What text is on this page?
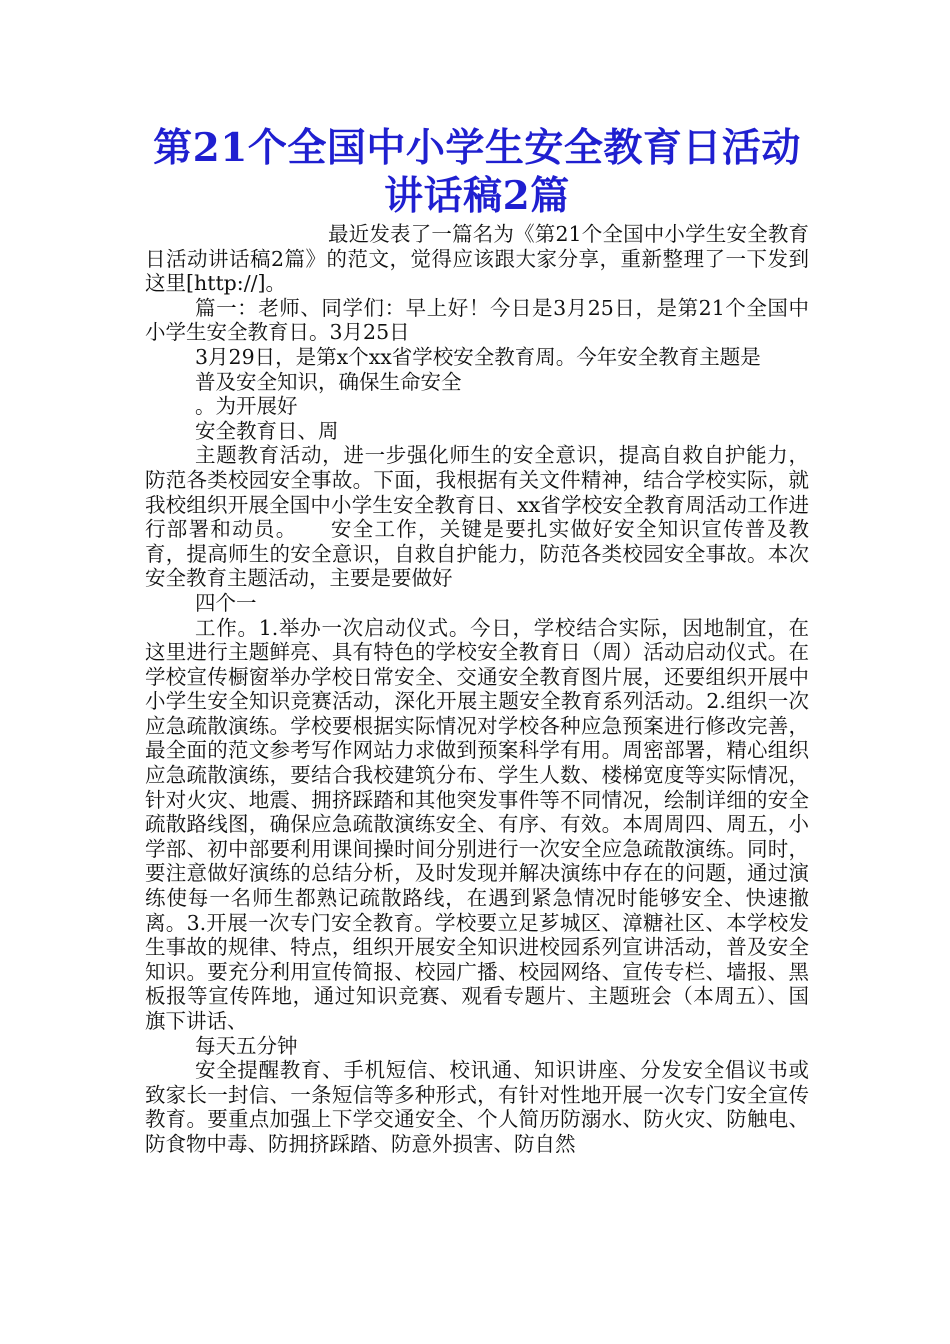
第21个全国中小学生安全教育日活动讲话稿2篇

最近发表了一篇名为《第21个全国中小学生安全教育日活动讲话稿2篇》的范文，觉得应该跟大家分享，重新整理了一下发到这里[http://]。

篇一：老师、同学们：早上好！今日是3月25日，是第21个全国中小学生安全教育日。3月25日

3月29日，是第x个xx省学校安全教育周。今年安全教育主题是

普及安全知识，确保生命安全

。为开展好

安全教育日、周

主题教育活动，进一步强化师生的安全意识，提高自救自护能力，防范各类校园安全事故。下面，我根据有关文件精神，结合学校实际，就我校组织开展全国中小学生安全教育日、xx省学校安全教育周活动工作进行部署和动员。　　安全工作，关键是要扎实做好安全知识宣传普及教育，提高师生的安全意识，自救自护能力，防范各类校园安全事故。本次安全教育主题活动，主要是要做好

四个一

工作。1.举办一次启动仪式。今日，学校结合实际，因地制宜，在这里进行主题鲜亮、具有特色的学校安全教育日（周）活动启动仪式。在学校宣传橱窗举办学校日常安全、交通安全教育图片展，还要组织开展中小学生安全知识竞赛活动，深化开展主题安全教育系列活动。2.组织一次应急疏散演练。学校要根据实际情况对学校各种应急预案进行修改完善，最全面的范文参考写作网站力求做到预案科学有用。周密部署，精心组织应急疏散演练，要结合我校建筑分布、学生人数、楼梯宽度等实际情况，针对火灾、地震、拥挤踩踏和其他突发事件等不同情况，绘制详细的安全疏散路线图，确保应急疏散演练安全、有序、有效。本周周四、周五，小学部、初中部要利用课间操时间分别进行一次安全应急疏散演练。同时，要注意做好演练的总结分析，及时发现并解决演练中存在的问题，通过演练使每一名师生都熟记疏散路线，在遇到紧急情况时能够安全、快速撤离。3.开展一次专门安全教育。学校要立足芗城区、漳糖社区、本学校发生事故的规律、特点，组织开展安全知识进校园系列宣讲活动，普及安全知识。要充分利用宣传简报、校园广播、校园网络、宣传专栏、墙报、黑板报等宣传阵地，通过知识竞赛、观看专题片、主题班会（本周五）、国旗下讲话、

每天五分钟

安全提醒教育、手机短信、校讯通、知识讲座、分发安全倡议书或致家长一封信、一条短信等多种形式，有针对性地开展一次专门安全宣传教育。要重点加强上下学交通安全、个人简历防溺水、防火灾、防触电、防食物中毒、防拥挤踩踏、防意外损害、防自然
